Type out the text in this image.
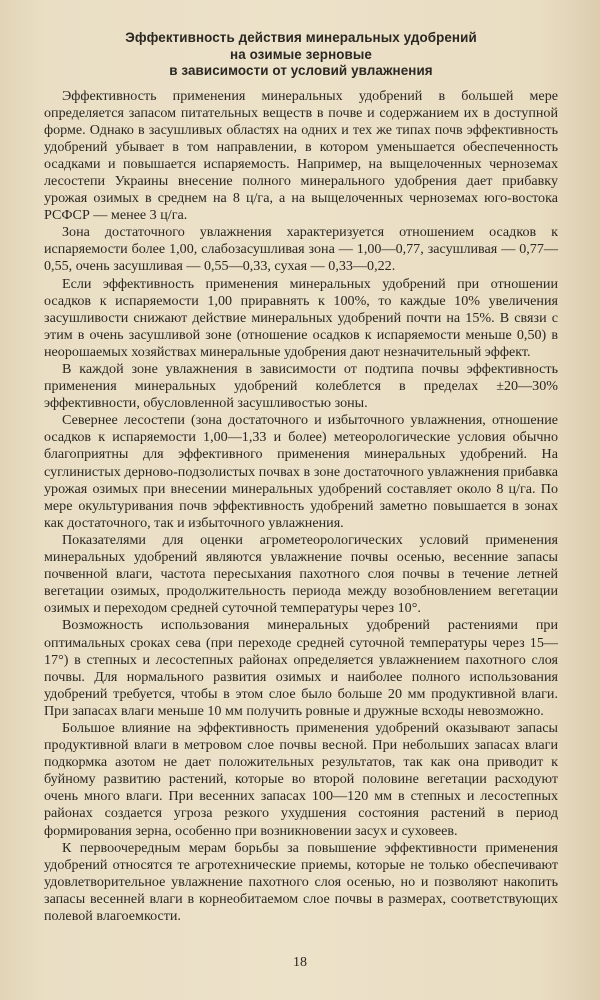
Эффективность действия минеральных удобрений
на озимые зерновые
в зависимости от условий увлажнения

Эффективность применения минеральных удобрений в большей мере определяется запасом питательных веществ в почве и содержанием их в доступной форме. Однако в засушливых областях на одних и тех же типах почв эффективность удобрений убывает в том направлении, в котором уменьшается обеспеченность осадками и повышается испаряемость. Например, на выщелоченных черноземах лесостепи Украины внесение полного минерального удобрения дает прибавку урожая озимых в среднем на 8 ц/га, а на выщелоченных черноземах юго-востока РСФСР — менее 3 ц/га.

Зона достаточного увлажнения характеризуется отношением осадков к испаряемости более 1,00, слабозасушливая зона — 1,00—0,77, засушливая — 0,77—0,55, очень засушливая — 0,55—0,33, сухая — 0,33—0,22.

Если эффективность применения минеральных удобрений при отношении осадков к испаряемости 1,00 приравнять к 100%, то каждые 10% увеличения засушливости снижают действие минеральных удобрений почти на 15%. В связи с этим в очень засушливой зоне (отношение осадков к испаряемости меньше 0,50) в неорошаемых хозяйствах минеральные удобрения дают незначительный эффект.

В каждой зоне увлажнения в зависимости от подтипа почвы эффективность применения минеральных удобрений колеблется в пределах ±20—30% эффективности, обусловленной засушливостью зоны.

Севернее лесостепи (зона достаточного и избыточного увлажнения, отношение осадков к испаряемости 1,00—1,33 и более) метеорологические условия обычно благоприятны для эффективного применения минеральных удобрений. На суглинистых дерново-подзолистых почвах в зоне достаточного увлажнения прибавка урожая озимых при внесении минеральных удобрений составляет около 8 ц/га. По мере окультуривания почв эффективность удобрений заметно повышается в зонах как достаточного, так и избыточного увлажнения.

Показателями для оценки агрометеорологических условий применения минеральных удобрений являются увлажнение почвы осенью, весенние запасы почвенной влаги, частота пересыхания пахотного слоя почвы в течение летней вегетации озимых, продолжительность периода между возобновлением вегетации озимых и переходом средней суточной температуры через 10°.

Возможность использования минеральных удобрений растениями при оптимальных сроках сева (при переходе средней суточной температуры через 15—17°) в степных и лесостепных районах определяется увлажнением пахотного слоя почвы. Для нормального развития озимых и наиболее полного использования удобрений требуется, чтобы в этом слое было больше 20 мм продуктивной влаги. При запасах влаги меньше 10 мм получить ровные и дружные всходы невозможно.

Большое влияние на эффективность применения удобрений оказывают запасы продуктивной влаги в метровом слое почвы весной. При небольших запасах влаги подкормка азотом не дает положительных результатов, так как она приводит к буйному развитию растений, которые во второй половине вегетации расходуют очень много влаги. При весенних запасах 100—120 мм в степных и лесостепных районах создается угроза резкого ухудшения состояния растений в период формирования зерна, особенно при возникновении засух и суховеев.

К первоочередным мерам борьбы за повышение эффективности применения удобрений относятся те агротехнические приемы, которые не только обеспечивают удовлетворительное увлажнение пахотного слоя осенью, но и позволяют накопить запасы весенней влаги в корнеобитаемом слое почвы в размерах, соответствующих полевой влагоемкости.

18
